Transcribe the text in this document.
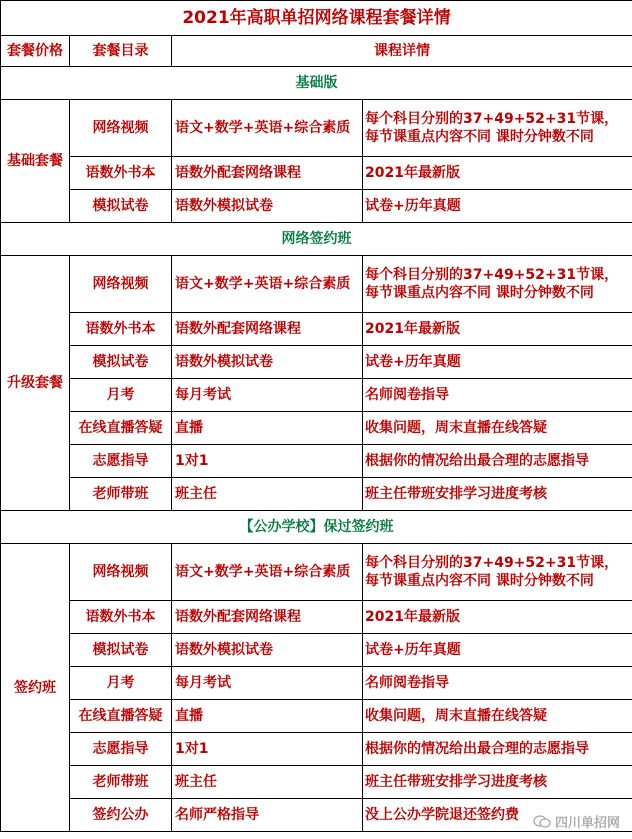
2021年高职单招网络课程套餐详情			
套餐价格	套餐目录	课程详情	
基础版			
基础套餐	网络视频	语文+数学+英语+综合素质	每个科目分别的37+49+52+31节课，每节课重点内容不同 课时分钟数不同
	语数外书本	语数外配套网络课程	2021年最新版
	模拟试卷	语数外模拟试卷	试卷+历年真题
网络签约班			
升级套餐	网络视频	语文+数学+英语+综合素质	每个科目分别的37+49+52+31节课，每节课重点内容不同 课时分钟数不同
	语数外书本	语数外配套网络课程	2021年最新版
	模拟试卷	语数外模拟试卷	试卷+历年真题
	月考	每月考试	名师阅卷指导
	在线直播答疑	直播	收集问题，周末直播在线答疑
	志愿指导	1对1	根据你的情况给出最合理的志愿指导
	老师带班	班主任	班主任带班安排学习进度考核
【公办学校】保过签约班			
签约班	网络视频	语文+数学+英语+综合素质	每个科目分别的37+49+52+31节课，每节课重点内容不同 课时分钟数不同
	语数外书本	语数外配套网络课程	2021年最新版
	模拟试卷	语数外模拟试卷	试卷+历年真题
	月考	每月考试	名师阅卷指导
	在线直播答疑	直播	收集问题，周末直播在线答疑
	志愿指导	1对1	根据你的情况给出最合理的志愿指导
	老师带班	班主任	班主任带班安排学习进度考核
	签约公办	名师严格指导	没上公办学院退还签约费
四川单招网
